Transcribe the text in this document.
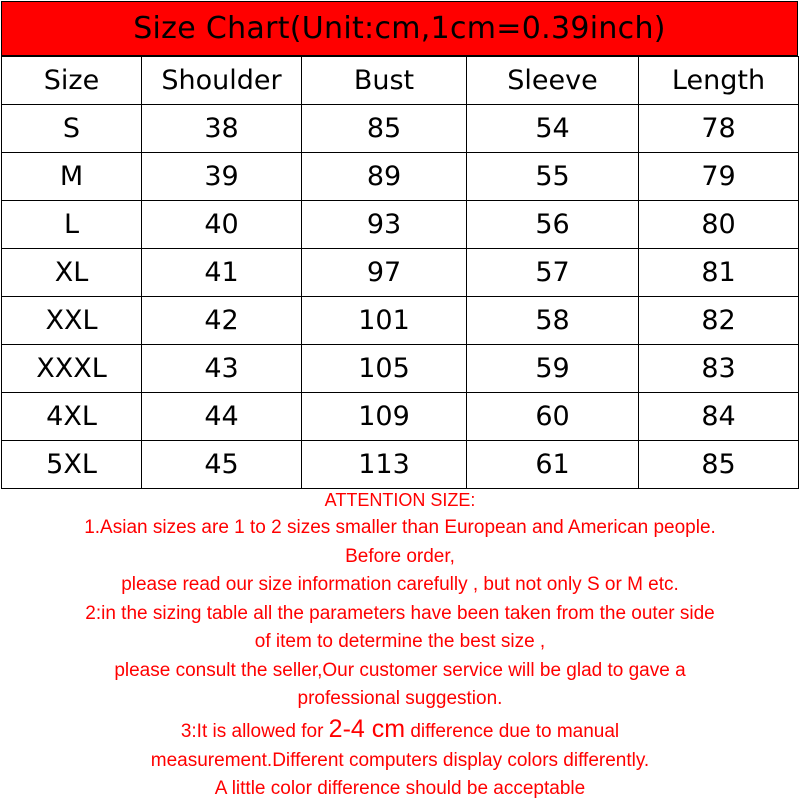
Size Chart(Unit:cm,1cm=0.39inch)
Size	Shoulder	Bust	Sleeve	Length
S	38	85	54	78
M	39	89	55	79
L	40	93	56	80
XL	41	97	57	81
XXL	42	101	58	82
XXXL	43	105	59	83
4XL	44	109	60	84
5XL	45	113	61	85
ATTENTION SIZE:
1.Asian sizes are 1 to 2 sizes smaller than European and American people.
Before order,
please read our size information carefully , but not only S or M etc.
2:in the sizing table all the parameters have been taken from the outer side
of item to determine the best size ,
please consult the seller,Our customer service will be glad to gave a
professional suggestion.
3:It is allowed for 2-4 cm difference due to manual
measurement.Different computers display colors differently.
A little color difference should be acceptable
